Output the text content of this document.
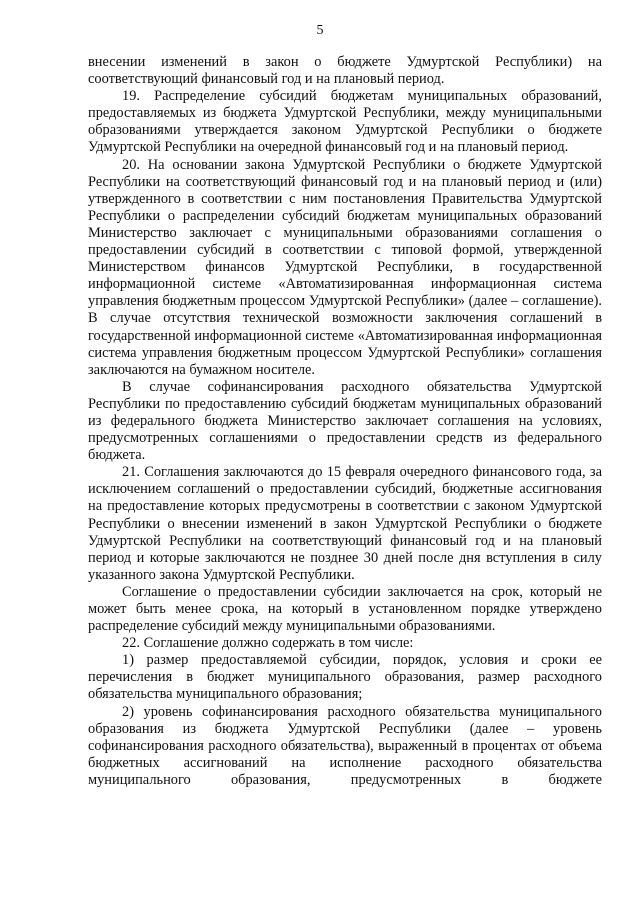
5

внесении изменений в закон о бюджете Удмуртской Республики) на соответствующий финансовый год и на плановый период.

19. Распределение субсидий бюджетам муниципальных образований, предоставляемых из бюджета Удмуртской Республики, между муниципальными образованиями утверждается законом Удмуртской Республики о бюджете Удмуртской Республики на очередной финансовый год и на плановый период.

20. На основании закона Удмуртской Республики о бюджете Удмуртской Республики на соответствующий финансовый год и на плановый период и (или) утвержденного в соответствии с ним постановления Правительства Удмуртской Республики о распределении субсидий бюджетам муниципальных образований Министерство заключает с муниципальными образованиями соглашения о предоставлении субсидий в соответствии с типовой формой, утвержденной Министерством финансов Удмуртской Республики, в государственной информационной системе «Автоматизированная информационная система управления бюджетным процессом Удмуртской Республики» (далее – соглашение). В случае отсутствия технической возможности заключения соглашений в государственной информационной системе «Автоматизированная информационная система управления бюджетным процессом Удмуртской Республики» соглашения заключаются на бумажном носителе.

В случае софинансирования расходного обязательства Удмуртской Республики по предоставлению субсидий бюджетам муниципальных образований из федерального бюджета Министерство заключает соглашения на условиях, предусмотренных соглашениями о предоставлении средств из федерального бюджета.

21. Соглашения заключаются до 15 февраля очередного финансового года, за исключением соглашений о предоставлении субсидий, бюджетные ассигнования на предоставление которых предусмотрены в соответствии с законом Удмуртской Республики о внесении изменений в закон Удмуртской Республики о бюджете Удмуртской Республики на соответствующий финансовый год и на плановый период и которые заключаются не позднее 30 дней после дня вступления в силу указанного закона Удмуртской Республики.

Соглашение о предоставлении субсидии заключается на срок, который не может быть менее срока, на который в установленном порядке утверждено распределение субсидий между муниципальными образованиями.

22. Соглашение должно содержать в том числе:

1) размер предоставляемой субсидии, порядок, условия и сроки ее перечисления в бюджет муниципального образования, размер расходного обязательства муниципального образования;

2) уровень софинансирования расходного обязательства муниципального образования из бюджета Удмуртской Республики (далее – уровень софинансирования расходного обязательства), выраженный в процентах от объема бюджетных ассигнований на исполнение расходного обязательства муниципального образования, предусмотренных в бюджете
